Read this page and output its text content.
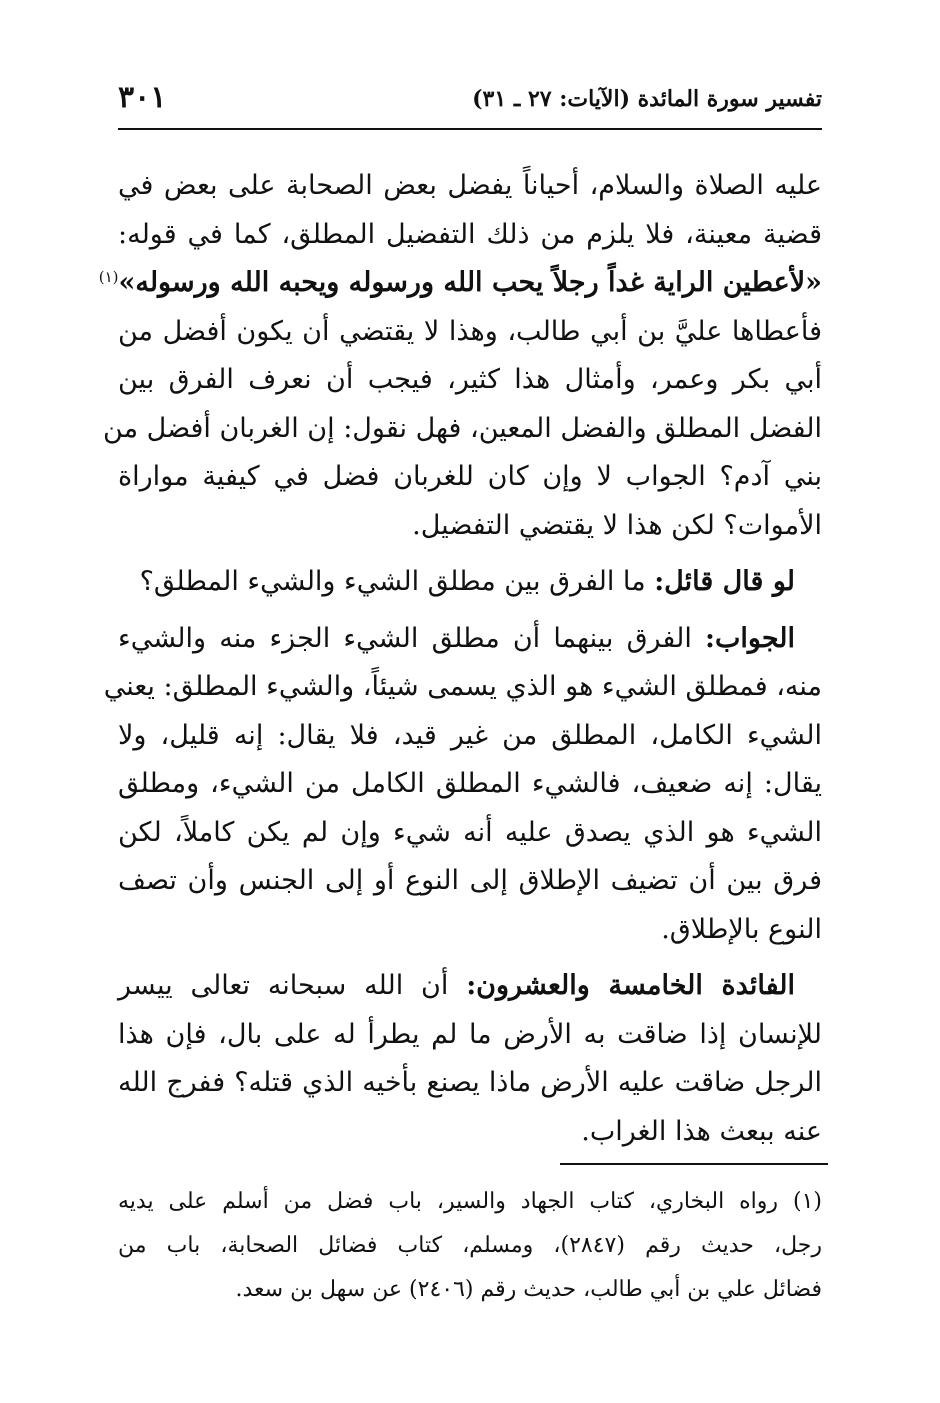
تفسير سورة المائدة (الآيات: ٢٧ ـ ٣١)
٣٠١

عليه الصلاة والسلام، أحياناً يفضل بعض الصحابة على بعض في
قضية معينة، فلا يلزم من ذلك التفضيل المطلق، كما في قوله:

«لأعطين الراية غداً رجلاً يحب الله ورسوله ويحبه الله ورسوله»$^{(١)}$
فأعطاها عليَّ بن أبي طالب، وهذا لا يقتضي أن يكون أفضل من
أبي بكر وعمر، وأمثال هذا كثير، فيجب أن نعرف الفرق بين
الفضل المطلق والفضل المعين، فهل نقول: إن الغربان أفضل من
بني آدم؟ الجواب لا وإن كان للغربان فضل في كيفية مواراة
الأموات؟ لكن هذا لا يقتضي التفضيل.

 لو قال قائل: ما الفرق بين مطلق الشيء والشيء المطلق؟

 الجواب: الفرق بينهما أن مطلق الشيء الجزء منه والشيء
منه، فمطلق الشيء هو الذي يسمى شيئاً، والشيء المطلق: يعني
الشيء الكامل، المطلق من غير قيد، فلا يقال: إنه قليل، ولا
يقال: إنه ضعيف، فالشيء المطلق الكامل من الشيء، ومطلق
الشيء هو الذي يصدق عليه أنه شيء وإن لم يكن كاملاً، لكن
فرق بين أن تضيف الإطلاق إلى النوع أو إلى الجنس وأن تصف
النوع بالإطلاق.

 الفائدة الخامسة والعشرون: أن الله سبحانه تعالى ييسر
للإنسان إذا ضاقت به الأرض ما لم يطرأ له على بال، فإن هذا
الرجل ضاقت عليه الأرض ماذا يصنع بأخيه الذي قتله؟ ففرج الله
عنه ببعث هذا الغراب.

(١) رواه البخاري، كتاب الجهاد والسير، باب فضل من أسلم على يديه
رجل، حديث رقم (٢٨٤٧)، ومسلم، كتاب فضائل الصحابة، باب من
فضائل علي بن أبي طالب، حديث رقم (٢٤٠٦) عن سهل بن سعد.
